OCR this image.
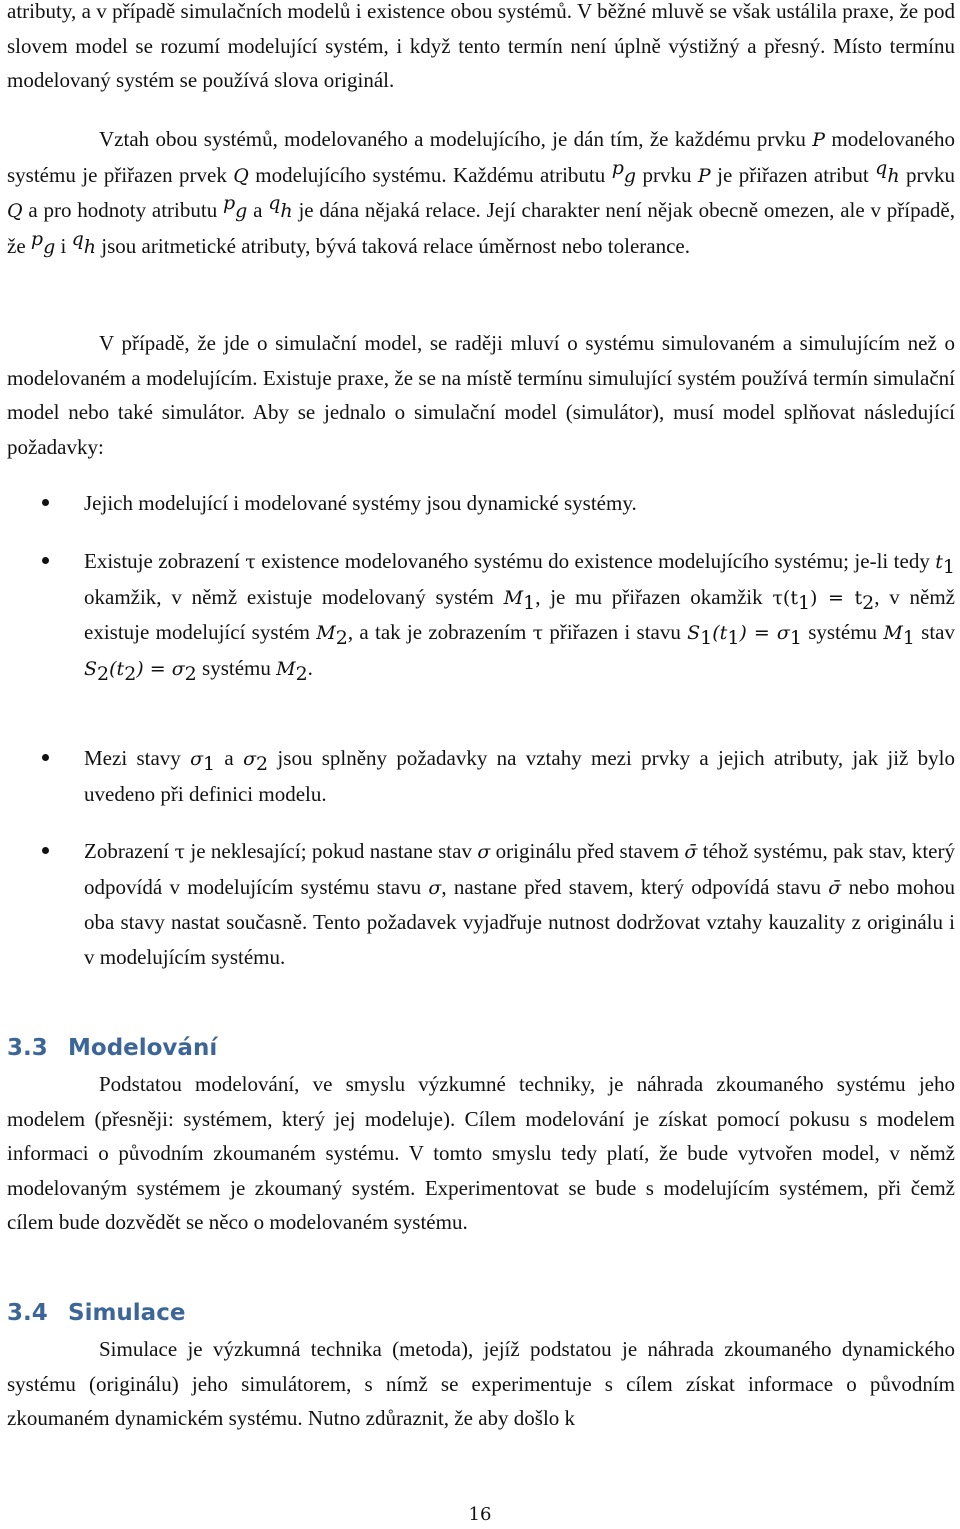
atributy, a v případě simulačních modelů i existence obou systémů. V běžné mluvě se však ustálila praxe, že pod slovem model se rozumí modelující systém, i když tento termín není úplně výstižný a přesný. Místo termínu modelovaný systém se používá slova originál.

Vztah obou systémů, modelovaného a modelujícího, je dán tím, že každému prvku P modelovaného systému je přiřazen prvek Q modelujícího systému. Každému atributu $^p$g prvku P je přiřazen atribut $^q$h prvku Q a pro hodnoty atributu $^p$g a $^q$h je dána nějaká relace. Její charakter není nějak obecně omezen, ale v případě, že $^p$g i $^q$h jsou aritmetické atributy, bývá taková relace úměrnost nebo tolerance.

V případě, že jde o simulační model, se raději mluví o systému simulovaném a simulujícím než o modelovaném a modelujícím. Existuje praxe, že se na místě termínu simulující systém používá termín simulační model nebo také simulátor. Aby se jednalo o simulační model (simulátor), musí model splňovat následující požadavky:

Jejich modelující i modelované systémy jsou dynamické systémy.
Existuje zobrazení τ existence modelovaného systému do existence modelujícího systému; je-li tedy $t_1$ okamžik, v němž existuje modelovaný systém $M_1$, je mu přiřazen okamžik $\tau(t_1) = t_2$, v němž existuje modelující systém $M_2$, a tak je zobrazením τ přiřazen i stavu $S_1(t_1) = \sigma_1$ systému $M_1$ stav $S_2(t_2) = \sigma_2$ systému $M_2$.
Mezi stavy $\sigma_1$ a $\sigma_2$ jsou splněny požadavky na vztahy mezi prvky a jejich atributy, jak již bylo uvedeno při definici modelu.
Zobrazení τ je neklesající; pokud nastane stav σ originálu před stavem σ̄ téhož systému, pak stav, který odpovídá v modelujícím systému stavu σ, nastane před stavem, který odpovídá stavu σ̄ nebo mohou oba stavy nastat současně. Tento požadavek vyjadřuje nutnost dodržovat vztahy kauzality z originálu i v modelujícím systému.
3.3 Modelování

Podstatou modelování, ve smyslu výzkumné techniky, je náhrada zkoumaného systému jeho modelem (přesněji: systémem, který jej modeluje). Cílem modelování je získat pomocí pokusu s modelem informaci o původním zkoumaném systému. V tomto smyslu tedy platí, že bude vytvořen model, v němž modelovaným systémem je zkoumaný systém. Experimentovat se bude s modelujícím systémem, při čemž cílem bude dozvědět se něco o modelovaném systému.

3.4 Simulace

Simulace je výzkumná technika (metoda), jejíž podstatou je náhrada zkoumaného dynamického systému (originálu) jeho simulátorem, s nímž se experimentuje s cílem získat informace o původním zkoumaném dynamickém systému. Nutno zdůraznit, že aby došlo k

16
